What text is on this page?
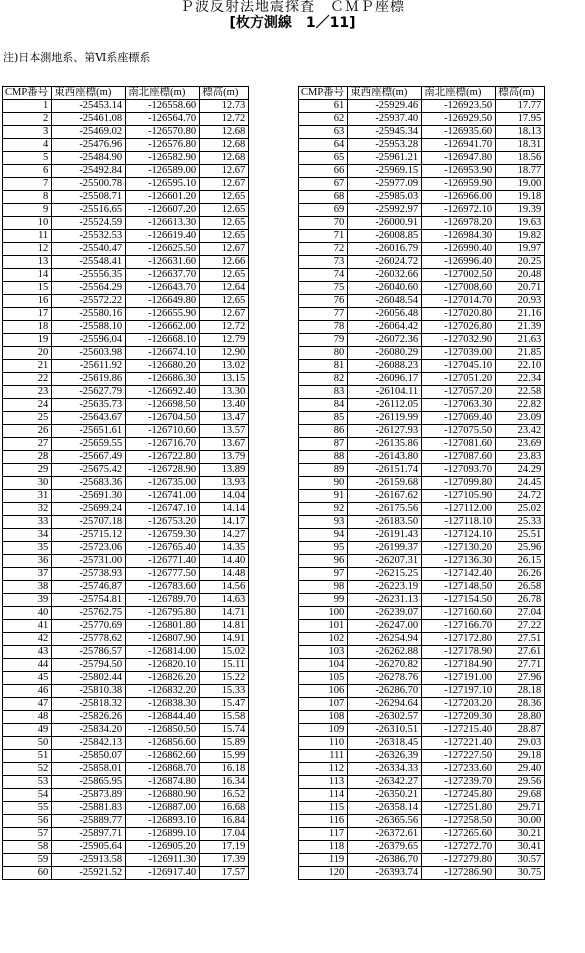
Ｐ波反射法地震探査　ＣＭＰ座標
[枚方測線　1／11]
注)日本測地系、第Ⅵ系座標系
CMP番号	東西座標(m)	南北座標(m)	標高(m)
1	-25453.14	-126558.60	12.73
2	-25461.08	-126564.70	12.72
3	-25469.02	-126570.80	12.68
4	-25476.96	-126576.80	12.68
5	-25484.90	-126582.90	12.68
6	-25492.84	-126589.00	12.67
7	-25500.78	-126595.10	12.67
8	-25508.71	-126601.20	12.65
9	-25516.65	-126607.20	12.65
10	-25524.59	-126613.30	12.65
11	-25532.53	-126619.40	12.65
12	-25540.47	-126625.50	12.67
13	-25548.41	-126631.60	12.66
14	-25556.35	-126637.70	12.65
15	-25564.29	-126643.70	12.64
16	-25572.22	-126649.80	12.65
17	-25580.16	-126655.90	12.67
18	-25588.10	-126662.00	12.72
19	-25596.04	-126668.10	12.79
20	-25603.98	-126674.10	12.90
21	-25611.92	-126680.20	13.02
22	-25619.86	-126686.30	13.15
23	-25627.79	-126692.40	13.30
24	-25635.73	-126698.50	13.40
25	-25643.67	-126704.50	13.47
26	-25651.61	-126710.60	13.57
27	-25659.55	-126716.70	13.67
28	-25667.49	-126722.80	13.79
29	-25675.42	-126728.90	13.89
30	-25683.36	-126735.00	13.93
31	-25691.30	-126741.00	14.04
32	-25699.24	-126747.10	14.14
33	-25707.18	-126753.20	14.17
34	-25715.12	-126759.30	14.27
35	-25723.06	-126765.40	14.35
36	-25731.00	-126771.40	14.40
37	-25738.93	-126777.50	14.48
38	-25746.87	-126783.60	14.56
39	-25754.81	-126789.70	14.63
40	-25762.75	-126795.80	14.71
41	-25770.69	-126801.80	14.81
42	-25778.62	-126807.90	14.91
43	-25786.57	-126814.00	15.02
44	-25794.50	-126820.10	15.11
45	-25802.44	-126826.20	15.22
46	-25810.38	-126832.20	15.33
47	-25818.32	-126838.30	15.47
48	-25826.26	-126844.40	15.58
49	-25834.20	-126850.50	15.74
50	-25842.13	-126856.60	15.89
51	-25850.07	-126862.60	15.99
52	-25858.01	-126868.70	16.18
53	-25865.95	-126874.80	16.34
54	-25873.89	-126880.90	16.52
55	-25881.83	-126887.00	16.68
56	-25889.77	-126893.10	16.84
57	-25897.71	-126899.10	17.04
58	-25905.64	-126905.20	17.19
59	-25913.58	-126911.30	17.39
60	-25921.52	-126917.40	17.57
CMP番号	東西座標(m)	南北座標(m)	標高(m)
61	-25929.46	-126923.50	17.77
62	-25937.40	-126929.50	17.95
63	-25945.34	-126935.60	18.13
64	-25953.28	-126941.70	18.31
65	-25961.21	-126947.80	18.56
66	-25969.15	-126953.90	18.77
67	-25977.09	-126959.90	19.00
68	-25985.03	-126966.00	19.18
69	-25992.97	-126972.10	19.39
70	-26000.91	-126978.20	19.63
71	-26008.85	-126984.30	19.82
72	-26016.79	-126990.40	19.97
73	-26024.72	-126996.40	20.25
74	-26032.66	-127002.50	20.48
75	-26040.60	-127008.60	20.71
76	-26048.54	-127014.70	20.93
77	-26056.48	-127020.80	21.16
78	-26064.42	-127026.80	21.39
79	-26072.36	-127032.90	21.63
80	-26080.29	-127039.00	21.85
81	-26088.23	-127045.10	22.10
82	-26096.17	-127051.20	22.34
83	-26104.11	-127057.20	22.58
84	-26112.05	-127063.30	22.82
85	-26119.99	-127069.40	23.09
86	-26127.93	-127075.50	23.42
87	-26135.86	-127081.60	23.69
88	-26143.80	-127087.60	23.83
89	-26151.74	-127093.70	24.29
90	-26159.68	-127099.80	24.45
91	-26167.62	-127105.90	24.72
92	-26175.56	-127112.00	25.02
93	-26183.50	-127118.10	25.33
94	-26191.43	-127124.10	25.51
95	-26199.37	-127130.20	25.96
96	-26207.31	-127136.30	26.15
97	-26215.25	-127142.40	26.26
98	-26223.19	-127148.50	26.58
99	-26231.13	-127154.50	26.78
100	-26239.07	-127160.60	27.04
101	-26247.00	-127166.70	27.22
102	-26254.94	-127172.80	27.51
103	-26262.88	-127178.90	27.61
104	-26270.82	-127184.90	27.71
105	-26278.76	-127191.00	27.96
106	-26286.70	-127197.10	28.18
107	-26294.64	-127203.20	28.36
108	-26302.57	-127209.30	28.80
109	-26310.51	-127215.40	28.87
110	-26318.45	-127221.40	29.03
111	-26326.39	-127227.50	29.18
112	-26334.33	-127233.60	29.40
113	-26342.27	-127239.70	29.56
114	-26350.21	-127245.80	29.68
115	-26358.14	-127251.80	29.71
116	-26365.56	-127258.50	30.00
117	-26372.61	-127265.60	30.21
118	-26379.65	-127272.70	30.41
119	-26386.70	-127279.80	30.57
120	-26393.74	-127286.90	30.75
